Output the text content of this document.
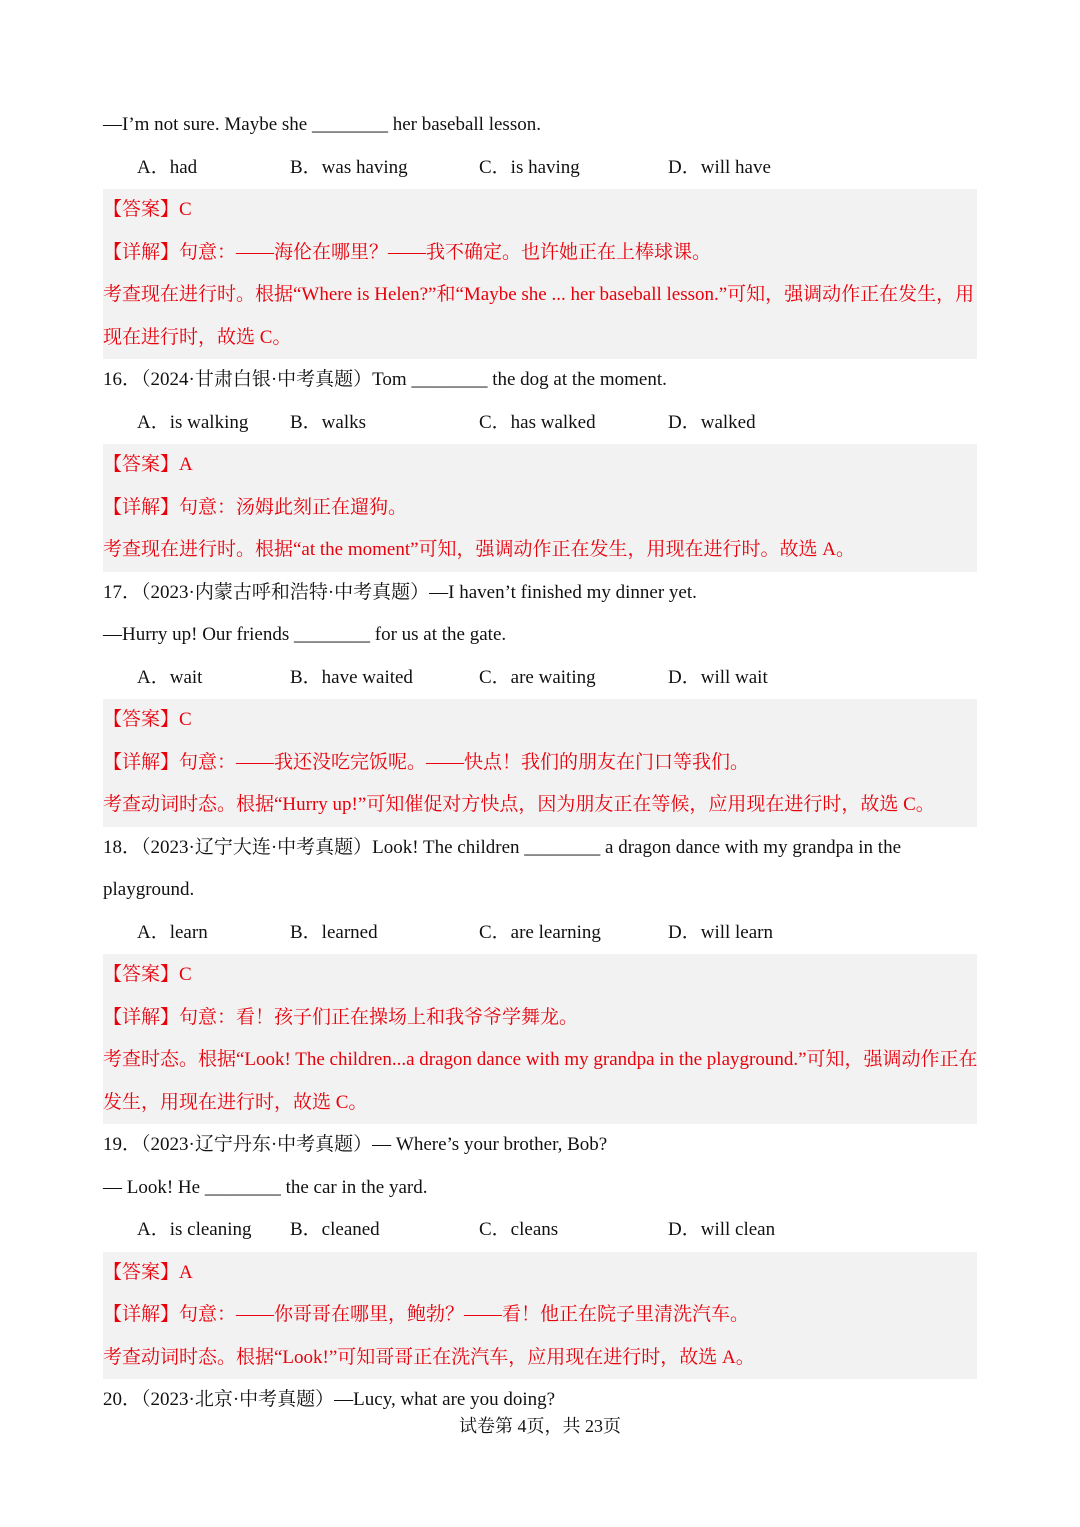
—I’m not sure. Maybe she ________ her baseball lesson.
A．had	B．was having	C．is having	D．will have
【答案】C
【详解】句意：——海伦在哪里？——我不确定。也许她正在上棒球课。
考查现在进行时。根据“Where is Helen?”和“Maybe she ... her baseball lesson.”可知，强调动作正在发生，用
现在进行时，故选 C。
16．（2024·甘肃白银·中考真题）Tom ________ the dog at the moment.
A．is walking B．walks	C．has walked	D．walked
【答案】A
【详解】句意：汤姆此刻正在遛狗。
考查现在进行时。根据“at the moment”可知，强调动作正在发生，用现在进行时。故选 A。
17．（2023·内蒙古呼和浩特·中考真题）—I haven’t finished my dinner yet.
—Hurry up! Our friends ________ for us at the gate.
A．wait	B．have waited	C．are waiting	D．will wait
【答案】C
【详解】句意：——我还没吃完饭呢。——快点！我们的朋友在门口等我们。
考查动词时态。根据“Hurry up!”可知催促对方快点，因为朋友正在等候，应用现在进行时，故选 C。
18．（2023·辽宁大连·中考真题）Look! The children ________ a dragon dance with my grandpa in the
playground.
A．learn	B．learned	C．are learning	D．will learn
【答案】C
【详解】句意：看！孩子们正在操场上和我爷爷学舞龙。
考查时态。根据“Look! The children...a dragon dance with my grandpa in the playground.”可知，强调动作正在
发生，用现在进行时，故选 C。
19．（2023·辽宁丹东·中考真题）— Where’s your brother, Bob?
— Look! He ________ the car in the yard.
A．is cleaning B．cleaned	C．cleans	D．will clean
【答案】A
【详解】句意：——你哥哥在哪里，鲍勃？——看！他正在院子里清洗汽车。
考查动词时态。根据“Look!”可知哥哥正在洗汽车，应用现在进行时，故选 A。
20．（2023·北京·中考真题）—Lucy, what are you doing?
试卷第 4页，共 23页
